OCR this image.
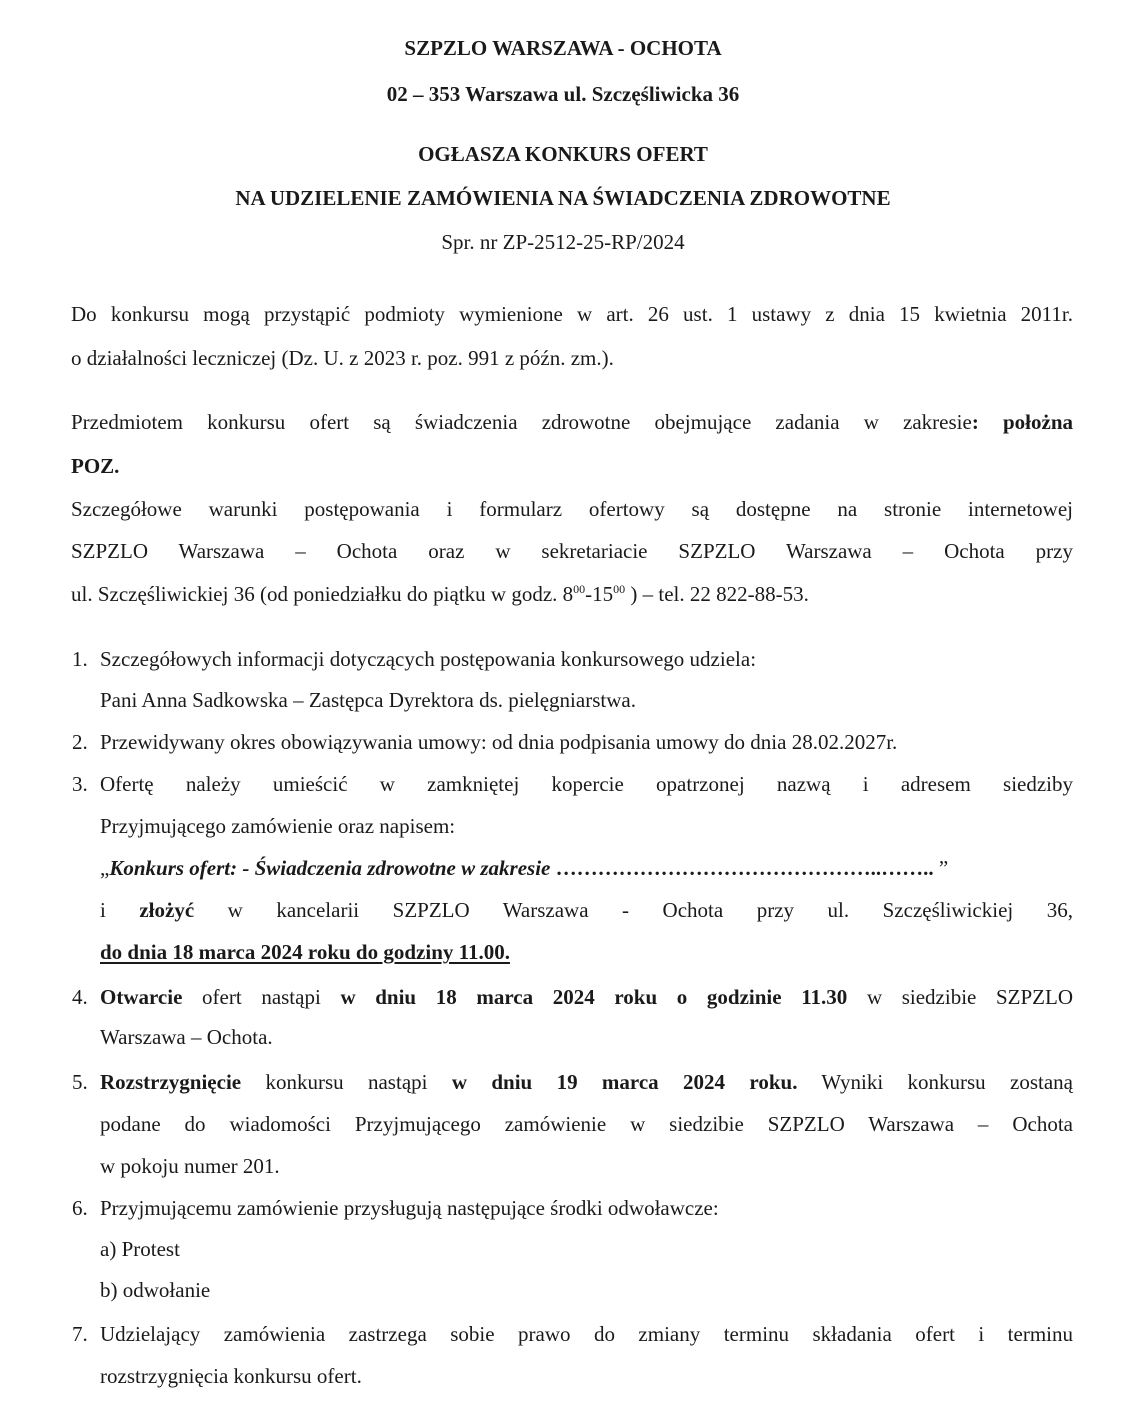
SZPZLO WARSZAWA - OCHOTA
02 – 353 Warszawa ul. Szczęśliwicka 36
OGŁASZA KONKURS OFERT
NA UDZIELENIE ZAMÓWIENIA NA ŚWIADCZENIA ZDROWOTNE
Spr. nr ZP-2512-25-RP/2024
Do konkursu mogą przystąpić podmioty wymienione w art. 26 ust. 1 ustawy z dnia 15 kwietnia 2011r.
o działalności leczniczej (Dz. U. z 2023 r. poz. 991 z późn. zm.).
Przedmiotem konkursu ofert są świadczenia zdrowotne obejmujące zadania w zakresie: położna
POZ.
Szczegółowe warunki postępowania i formularz ofertowy są dostępne na stronie internetowej
SZPZLO Warszawa – Ochota oraz w sekretariacie SZPZLO Warszawa – Ochota przy
ul. Szczęśliwickiej 36 (od poniedziałku do piątku w godz. $8^{00}-15^{00}$ ) – tel. 22 822-88-53.
1. Szczegółowych informacji dotyczących postępowania konkursowego udziela:
Pani Anna Sadkowska – Zastępca Dyrektora ds. pielęgniarstwa.
2. Przewidywany okres obowiązywania umowy: od dnia podpisania umowy do dnia 28.02.2027r.
3. Ofertę należy umieścić w zamkniętej kopercie opatrzonej nazwą i adresem siedziby
Przyjmującego zamówienie oraz napisem:
„Konkurs ofert: - Świadczenia zdrowotne w zakresie ………………………………………..…….. ”
i złożyć w kancelarii SZPZLO Warszawa - Ochota przy ul. Szczęśliwickiej 36,
do dnia 18 marca 2024 roku do godziny 11.00.
4. Otwarcie ofert nastąpi w dniu 18 marca 2024 roku o godzinie 11.30 w siedzibie SZPZLO
Warszawa – Ochota.
5. Rozstrzygnięcie konkursu nastąpi w dniu 19 marca 2024 roku. Wyniki konkursu zostaną
podane do wiadomości Przyjmującego zamówienie w siedzibie SZPZLO Warszawa – Ochota
w pokoju numer 201.
6. Przyjmującemu zamówienie przysługują następujące środki odwoławcze:
a) Protest
b) odwołanie
7. Udzielający zamówienia zastrzega sobie prawo do zmiany terminu składania ofert i terminu
rozstrzygnięcia konkursu ofert.
